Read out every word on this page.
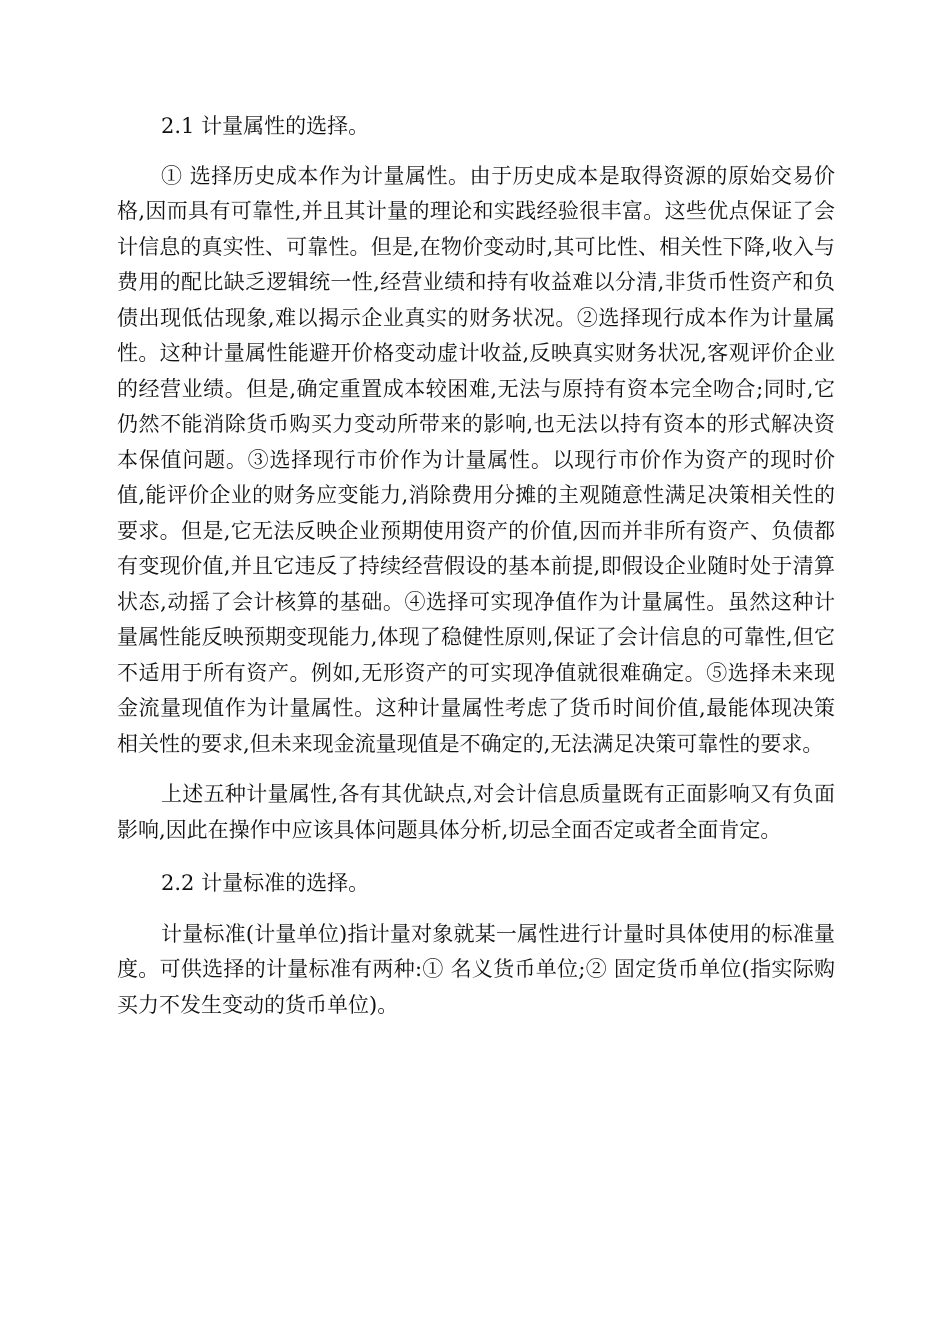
2.1 计量属性的选择。

① 选择历史成本作为计量属性。由于历史成本是取得资源的原始交易价格,因而具有可靠性,并且其计量的理论和实践经验很丰富。这些优点保证了会计信息的真实性、可靠性。但是,在物价变动时,其可比性、相关性下降,收入与费用的配比缺乏逻辑统一性,经营业绩和持有收益难以分清,非货币性资产和负债出现低估现象,难以揭示企业真实的财务状况。②选择现行成本作为计量属性。这种计量属性能避开价格变动虚计收益,反映真实财务状况,客观评价企业的经营业绩。但是,确定重置成本较困难,无法与原持有资本完全吻合;同时,它仍然不能消除货币购买力变动所带来的影响,也无法以持有资本的形式解决资本保值问题。③选择现行市价作为计量属性。以现行市价作为资产的现时价值,能评价企业的财务应变能力,消除费用分摊的主观随意性满足决策相关性的要求。但是,它无法反映企业预期使用资产的价值,因而并非所有资产、负债都有变现价值,并且它违反了持续经营假设的基本前提,即假设企业随时处于清算状态,动摇了会计核算的基础。④选择可实现净值作为计量属性。虽然这种计量属性能反映预期变现能力,体现了稳健性原则,保证了会计信息的可靠性,但它不适用于所有资产。例如,无形资产的可实现净值就很难确定。⑤选择未来现金流量现值作为计量属性。这种计量属性考虑了货币时间价值,最能体现决策相关性的要求,但未来现金流量现值是不确定的,无法满足决策可靠性的要求。

上述五种计量属性,各有其优缺点,对会计信息质量既有正面影响又有负面影响,因此在操作中应该具体问题具体分析,切忌全面否定或者全面肯定。

2.2 计量标准的选择。

计量标准(计量单位)指计量对象就某一属性进行计量时具体使用的标准量度。可供选择的计量标准有两种:① 名义货币单位;② 固定货币单位(指实际购买力不发生变动的货币单位)。
